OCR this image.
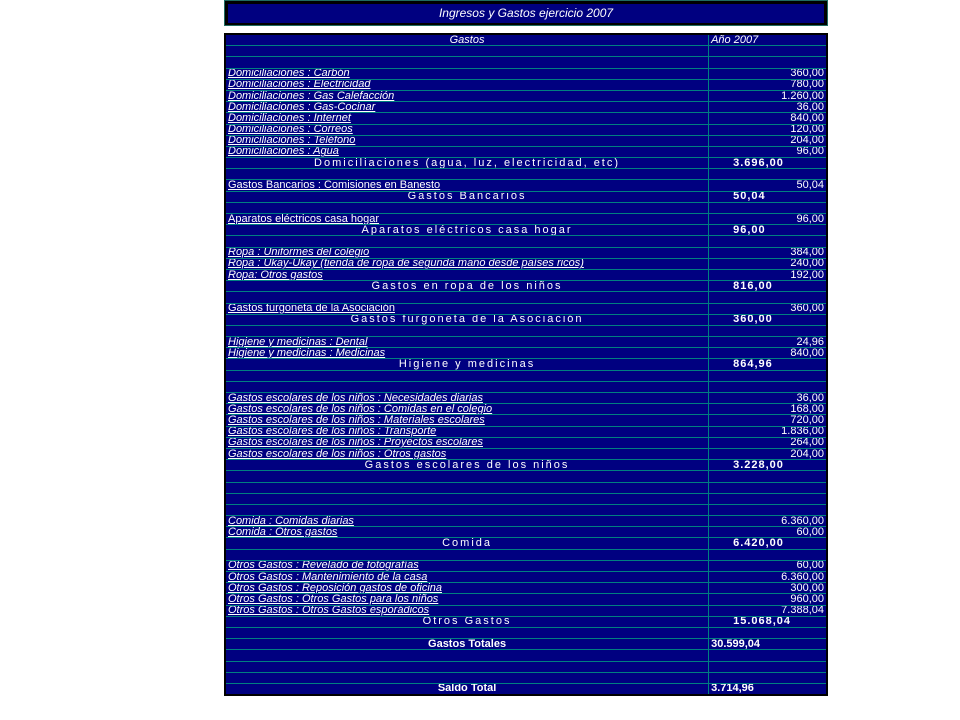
Ingresos y Gastos ejercicio 2007
Gastos	Año 2007

Domiciliaciones : Carbón	360,00
Domiciliaciones : Electricidad	780,00
Domiciliaciones : Gas Calefacción	1.260,00
Domiciliaciones : Gas-Cocinar	36,00
Domiciliaciones : Internet	840,00
Domiciliaciones : Correos	120,00
Domiciliaciones : Teléfono	204,00
Domiciliaciones : Agua	96,00
Domiciliaciones (agua, luz, electricidad, etc)	3.696,00

Gastos Bancarios : Comisiones en Banesto	50,04
Gastos Bancarios	50,04

Aparatos eléctricos casa hogar	96,00
Aparatos eléctricos casa hogar	96,00

Ropa : Uniformes del colegio	384,00
Ropa : Ukay-Ukay (tienda de ropa de segunda mano desde países ricos)	240,00
Ropa: Otros gastos	192,00
Gastos en ropa de los niños	816,00

Gastos furgoneta de la Asociación	360,00
Gastos furgoneta de la Asociación	360,00

Higiene y medicinas : Dental	24,96
Higiene y medicinas : Medicinas	840,00
Higiene y medicinas	864,96

Gastos escolares de los niños : Necesidades diarias	36,00
Gastos escolares de los niños : Comidas en el colegio	168,00
Gastos escolares de los niños : Materiales escolares	720,00
Gastos escolares de los niños : Transporte	1.836,00
Gastos escolares de los niños : Proyectos escolares	264,00
Gastos escolares de los niños : Otros gastos	204,00
Gastos escolares de los niños	3.228,00

Comida : Comidas diarias	6.360,00
Comida : Otros gastos	60,00
Comida	6.420,00

Otros Gastos : Revelado de fotografías	60,00
Otros Gastos : Mantenimiento de la casa	6.360,00
Otros Gastos : Reposición gastos de oficina	300,00
Otros Gastos : Otros Gastos para los niños	960,00
Otros Gastos : Otros Gastos esporádicos	7.388,04
Otros Gastos	15.068,04

Gastos Totales	30.599,04

Saldo Total	3.714,96
